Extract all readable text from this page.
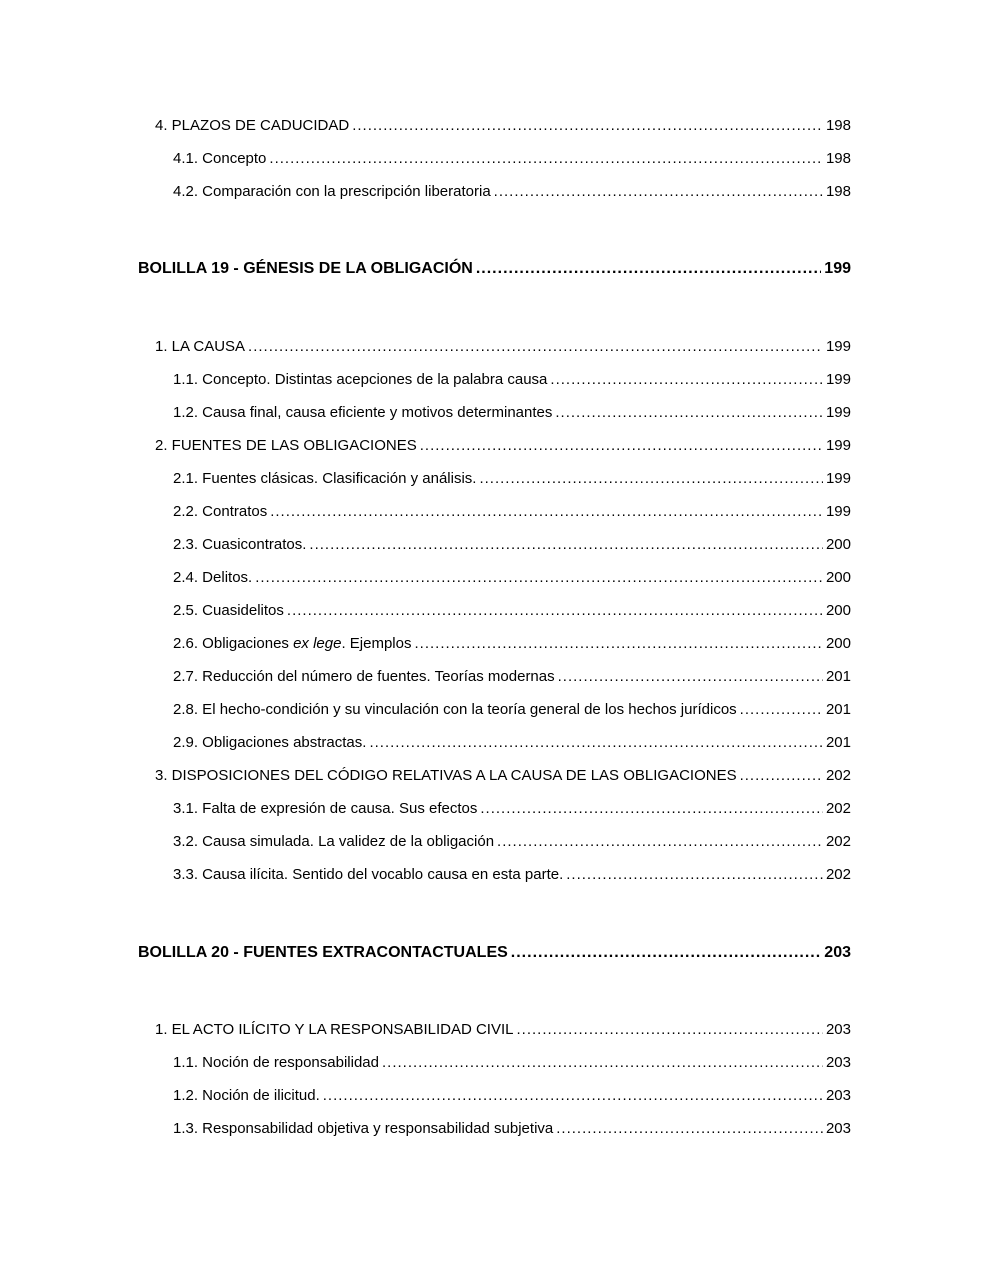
4. PLAZOS DE CADUCIDAD .....	198
4.1. Concepto .....	198
4.2. Comparación con la prescripción liberatoria .....	198
BOLILLA 19 - GÉNESIS DE LA OBLIGACIÓN .....	199
1. LA CAUSA .....	199
1.1. Concepto. Distintas acepciones de la palabra causa .....	199
1.2. Causa final, causa eficiente y motivos determinantes .....	199
2. FUENTES DE LAS OBLIGACIONES .....	199
2.1. Fuentes clásicas. Clasificación y análisis. .....	199
2.2. Contratos .....	199
2.3. Cuasicontratos. .....	200
2.4. Delitos. .....	200
2.5. Cuasidelitos .....	200
2.6. Obligaciones ex lege. Ejemplos .....	200
2.7. Reducción del número de fuentes. Teorías modernas .....	201
2.8. El hecho-condición y su vinculación con la teoría general de los hechos jurídicos .....	201
2.9. Obligaciones abstractas. .....	201
3. DISPOSICIONES DEL CÓDIGO RELATIVAS A LA CAUSA DE LAS OBLIGACIONES .....	202
3.1. Falta de expresión de causa. Sus efectos .....	202
3.2. Causa simulada. La validez de la obligación .....	202
3.3. Causa ilícita. Sentido del vocablo causa en esta parte. .....	202
BOLILLA 20 - FUENTES EXTRACONTACTUALES .....	203
1. EL ACTO ILÍCITO Y LA RESPONSABILIDAD CIVIL .....	203
1.1. Noción de responsabilidad .....	203
1.2. Noción de ilicitud. .....	203
1.3. Responsabilidad objetiva y responsabilidad subjetiva .....	203
